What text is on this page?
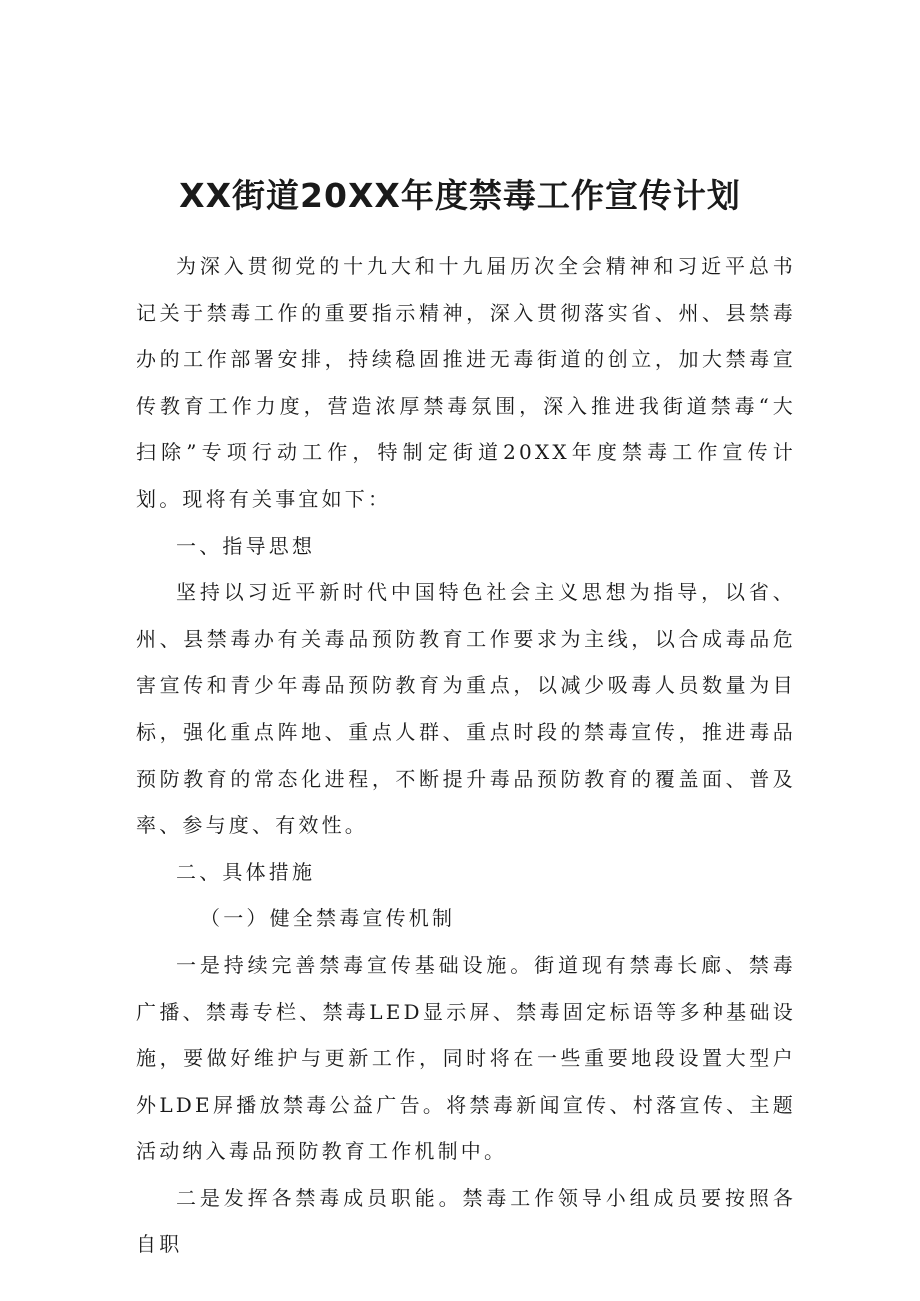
XX街道20XX年度禁毒工作宣传计划

为深入贯彻党的十九大和十九届历次全会精神和习近平总书记关于禁毒工作的重要指示精神，深入贯彻落实省、州、县禁毒办的工作部署安排，持续稳固推进无毒街道的创立，加大禁毒宣传教育工作力度，营造浓厚禁毒氛围，深入推进我街道禁毒“大扫除”专项行动工作，特制定街道20XX年度禁毒工作宣传计划。现将有关事宜如下：

一、指导思想

坚持以习近平新时代中国特色社会主义思想为指导，以省、州、县禁毒办有关毒品预防教育工作要求为主线，以合成毒品危害宣传和青少年毒品预防教育为重点，以减少吸毒人员数量为目标，强化重点阵地、重点人群、重点时段的禁毒宣传，推进毒品预防教育的常态化进程，不断提升毒品预防教育的覆盖面、普及率、参与度、有效性。

二、具体措施

（一）健全禁毒宣传机制

一是持续完善禁毒宣传基础设施。街道现有禁毒长廊、禁毒广播、禁毒专栏、禁毒LED显示屏、禁毒固定标语等多种基础设施，要做好维护与更新工作，同时将在一些重要地段设置大型户外LDE屏播放禁毒公益广告。将禁毒新闻宣传、村落宣传、主题活动纳入毒品预防教育工作机制中。

二是发挥各禁毒成员职能。禁毒工作领导小组成员要按照各自职
